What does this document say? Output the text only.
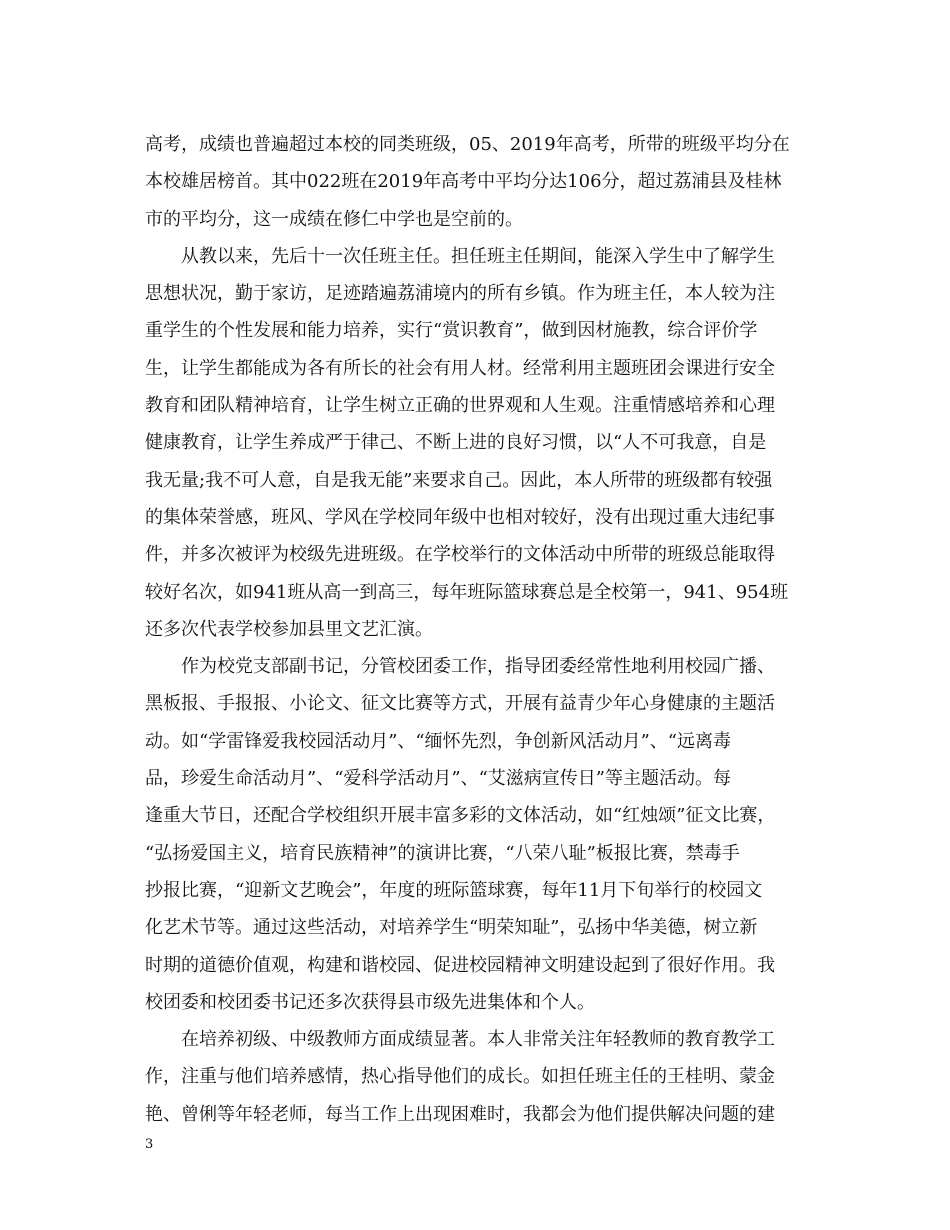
高考，成绩也普遍超过本校的同类班级，05、2019年高考，所带的班级平均分在
本校雄居榜首。其中022班在2019年高考中平均分达106分，超过荔浦县及桂林
市的平均分，这一成绩在修仁中学也是空前的。
　　从教以来，先后十一次任班主任。担任班主任期间，能深入学生中了解学生
思想状况，勤于家访，足迹踏遍荔浦境内的所有乡镇。作为班主任，本人较为注
重学生的个性发展和能力培养，实行“赏识教育”，做到因材施教，综合评价学
生，让学生都能成为各有所长的社会有用人材。经常利用主题班团会课进行安全
教育和团队精神培育，让学生树立正确的世界观和人生观。注重情感培养和心理
健康教育，让学生养成严于律己、不断上进的良好习惯，以“人不可我意，自是
我无量;我不可人意，自是我无能”来要求自己。因此，本人所带的班级都有较强
的集体荣誉感，班风、学风在学校同年级中也相对较好，没有出现过重大违纪事
件，并多次被评为校级先进班级。在学校举行的文体活动中所带的班级总能取得
较好名次，如941班从高一到高三，每年班际篮球赛总是全校第一，941、954班
还多次代表学校参加县里文艺汇演。
　　作为校党支部副书记，分管校团委工作，指导团委经常性地利用校园广播、
黑板报、手报报、小论文、征文比赛等方式，开展有益青少年心身健康的主题活
动。如“学雷锋爱我校园活动月”、“缅怀先烈，争创新风活动月”、“远离毒
品，珍爱生命活动月”、“爱科学活动月”、“艾滋病宣传日”等主题活动。每
逢重大节日，还配合学校组织开展丰富多彩的文体活动，如“红烛颂”征文比赛，
“弘扬爱国主义，培育民族精神”的演讲比赛，“八荣八耻”板报比赛，禁毒手
抄报比赛，“迎新文艺晚会”，年度的班际篮球赛，每年11月下旬举行的校园文
化艺术节等。通过这些活动，对培养学生“明荣知耻”，弘扬中华美德，树立新
时期的道德价值观，构建和谐校园、促进校园精神文明建设起到了很好作用。我
校团委和校团委书记还多次获得县市级先进集体和个人。
　　在培养初级、中级教师方面成绩显著。本人非常关注年轻教师的教育教学工
作，注重与他们培养感情，热心指导他们的成长。如担任班主任的王桂明、蒙金
艳、曾俐等年轻老师，每当工作上出现困难时，我都会为他们提供解决问题的建
3
